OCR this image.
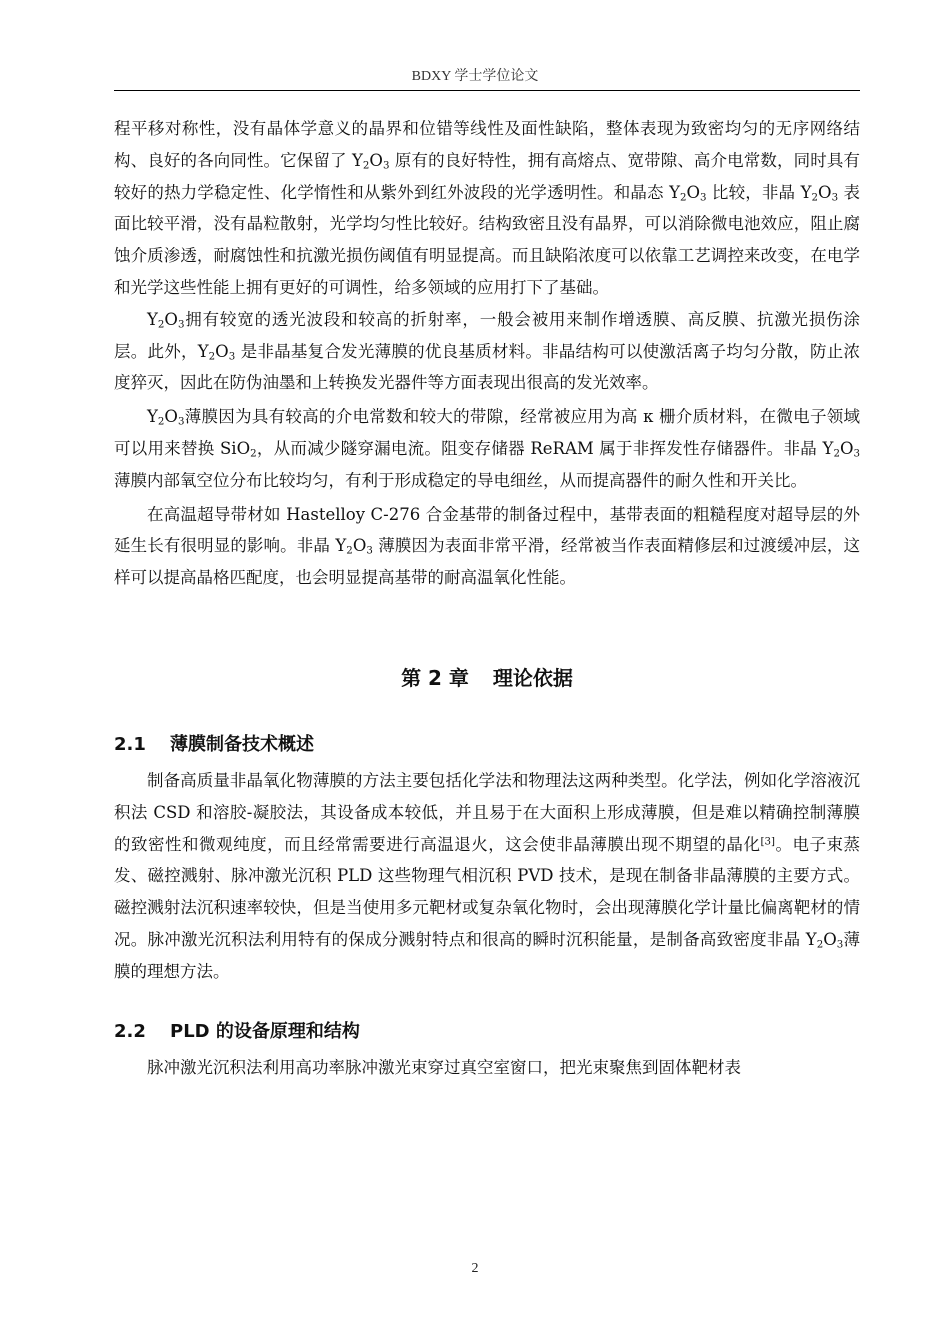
BDXY 学士学位论文

程平移对称性，没有晶体学意义的晶界和位错等线性及面性缺陷，整体表现为致密均匀的无序网络结构、良好的各向同性。它保留了 $Y_2O_3$ 原有的良好特性，拥有高熔点、宽带隙、高介电常数，同时具有较好的热力学稳定性、化学惰性和从紫外到红外波段的光学透明性。和晶态 $Y_2O_3$ 比较，非晶 $Y_2O_3$ 表面比较平滑，没有晶粒散射，光学均匀性比较好。结构致密且没有晶界，可以消除微电池效应，阻止腐蚀介质渗透，耐腐蚀性和抗激光损伤阈值有明显提高。而且缺陷浓度可以依靠工艺调控来改变，在电学和光学这些性能上拥有更好的可调性，给多领域的应用打下了基础。

$Y_2O_3$拥有较宽的透光波段和较高的折射率，一般会被用来制作增透膜、高反膜、抗激光损伤涂层。此外，$Y_2O_3$ 是非晶基复合发光薄膜的优良基质材料。非晶结构可以使激活离子均匀分散，防止浓度猝灭，因此在防伪油墨和上转换发光器件等方面表现出很高的发光效率。

$Y_2O_3$薄膜因为具有较高的介电常数和较大的带隙，经常被应用为高 κ 栅介质材料，在微电子领域可以用来替换 SiO$_2$，从而减少隧穿漏电流。阻变存储器 ReRAM 属于非挥发性存储器件。非晶 $Y_2O_3$薄膜内部氧空位分布比较均匀，有利于形成稳定的导电细丝，从而提高器件的耐久性和开关比。

在高温超导带材如 Hastelloy C-276 合金基带的制备过程中，基带表面的粗糙程度对超导层的外延生长有很明显的影响。非晶 $Y_2O_3$ 薄膜因为表面非常平滑，经常被当作表面精修层和过渡缓冲层，这样可以提高晶格匹配度，也会明显提高基带的耐高温氧化性能。

第 2 章 理论依据
2.1 薄膜制备技术概述

制备高质量非晶氧化物薄膜的方法主要包括化学法和物理法这两种类型。化学法，例如化学溶液沉积法 CSD 和溶胶-凝胶法，其设备成本较低，并且易于在大面积上形成薄膜，但是难以精确控制薄膜的致密性和微观纯度，而且经常需要进行高温退火，这会使非晶薄膜出现不期望的晶化[3]。电子束蒸发、磁控溅射、脉冲激光沉积 PLD 这些物理气相沉积 PVD 技术，是现在制备非晶薄膜的主要方式。磁控溅射法沉积速率较快，但是当使用多元靶材或复杂氧化物时，会出现薄膜化学计量比偏离靶材的情况。脉冲激光沉积法利用特有的保成分溅射特点和很高的瞬时沉积能量，是制备高致密度非晶 $Y_2O_3$薄膜的理想方法。

2.2 PLD 的设备原理和结构

脉冲激光沉积法利用高功率脉冲激光束穿过真空室窗口，把光束聚焦到固体靶材表

2
